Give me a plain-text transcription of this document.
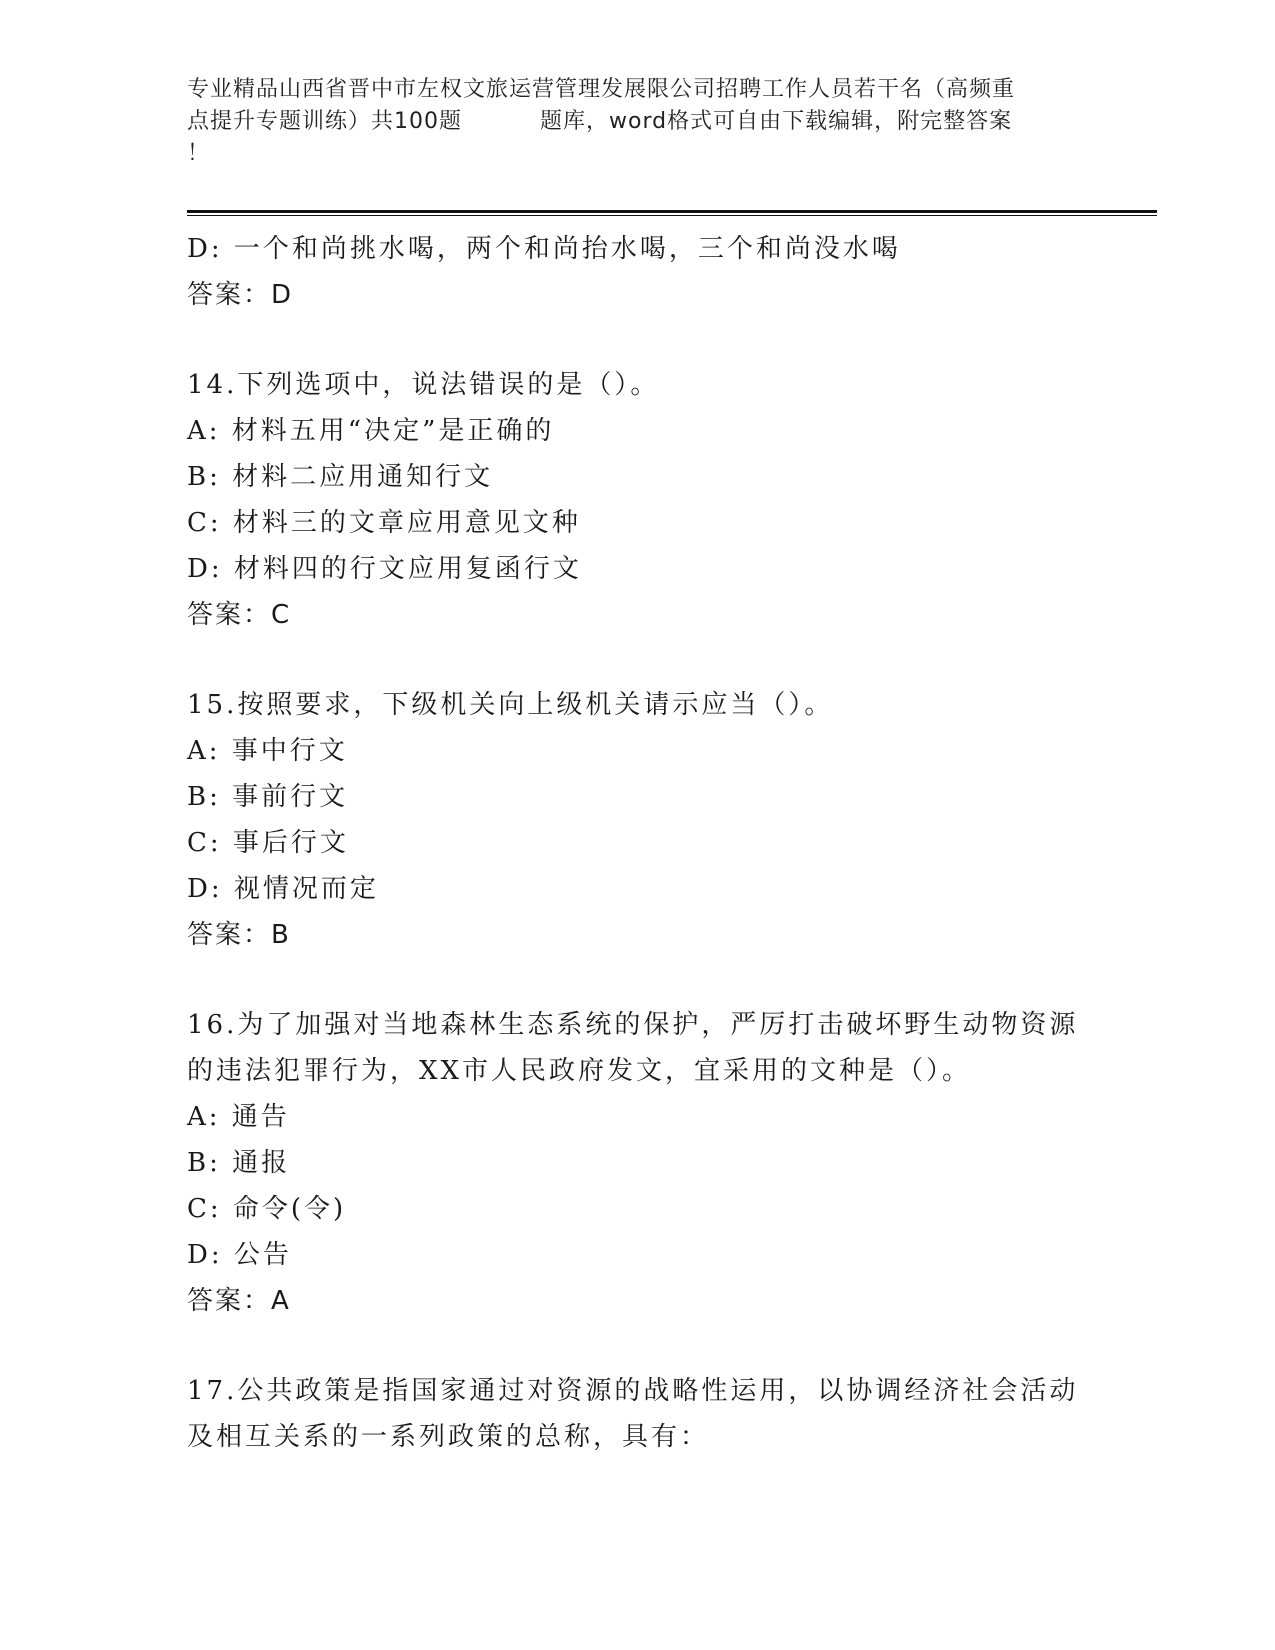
专业精品山西省晋中市左权文旅运营管理发展限公司招聘工作人员若干名（高频重
点提升专题训练）共100题	题库，word格式可自由下载编辑，附完整答案
！
D: 一个和尚挑水喝，两个和尚抬水喝，三个和尚没水喝
答案：D
14.下列选项中，说法错误的是（）。
A: 材料五用“决定”是正确的
B: 材料二应用通知行文
C: 材料三的文章应用意见文种
D: 材料四的行文应用复函行文
答案：C
15.按照要求，下级机关向上级机关请示应当（）。
A: 事中行文
B: 事前行文
C: 事后行文
D: 视情况而定
答案：B
16.为了加强对当地森林生态系统的保护，严厉打击破坏野生动物资源
的违法犯罪行为，XX市人民政府发文，宜采用的文种是（）。
A: 通告
B: 通报
C: 命令(令)
D: 公告
答案：A
17.公共政策是指国家通过对资源的战略性运用，以协调经济社会活动
及相互关系的一系列政策的总称，具有：
